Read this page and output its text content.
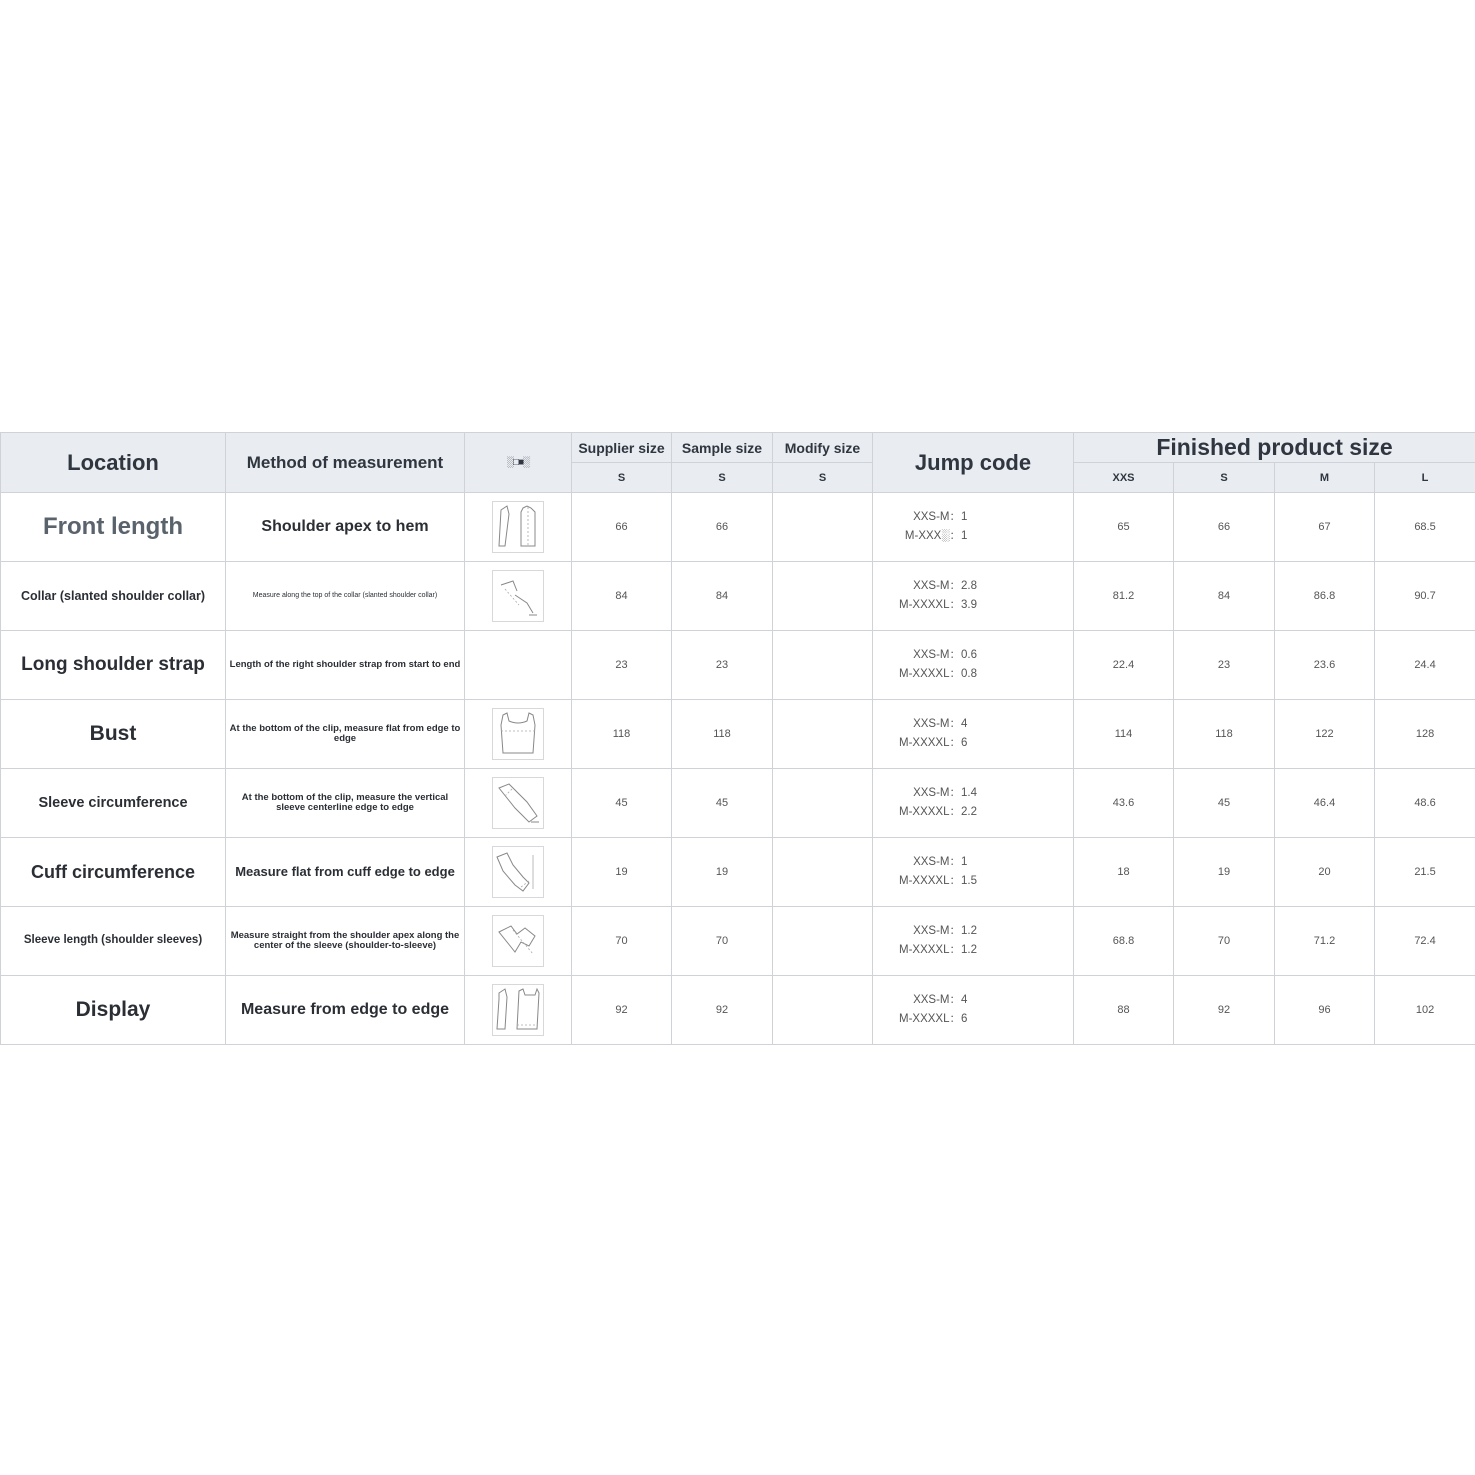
Location	Method of measurement	░□■░	Supplier size	Sample size	Modify size	Jump code	Finished product size			
			S	S	S		XXS	S	M	L
Front length	Shoulder apex to hem		66	66		XXS-M：1
M-XXX░：1	65	66	67	68.5
Collar (slanted shoulder collar)	Measure along the top of the collar (slanted shoulder collar)		84	84		XXS-M：2.8
M-XXXXL：3.9	81.2	84	86.8	90.7
Long shoulder strap	Length of the right shoulder strap from start to end		23	23		XXS-M：0.6
M-XXXXL：0.8	22.4	23	23.6	24.4
Bust	At the bottom of the clip, measure flat from edge to edge		118	118		XXS-M：4
M-XXXXL：6	114	118	122	128
Sleeve circumference	At the bottom of the clip, measure the vertical sleeve centerline edge to edge		45	45		XXS-M：1.4
M-XXXXL：2.2	43.6	45	46.4	48.6
Cuff circumference	Measure flat from cuff edge to edge		19	19		XXS-M：1
M-XXXXL：1.5	18	19	20	21.5
Sleeve length (shoulder sleeves)	Measure straight from the shoulder apex along the center of the sleeve (shoulder-to-sleeve)		70	70		XXS-M：1.2
M-XXXXL：1.2	68.8	70	71.2	72.4
Display	Measure from edge to edge		92	92		XXS-M：4
M-XXXXL：6	88	92	96	102
